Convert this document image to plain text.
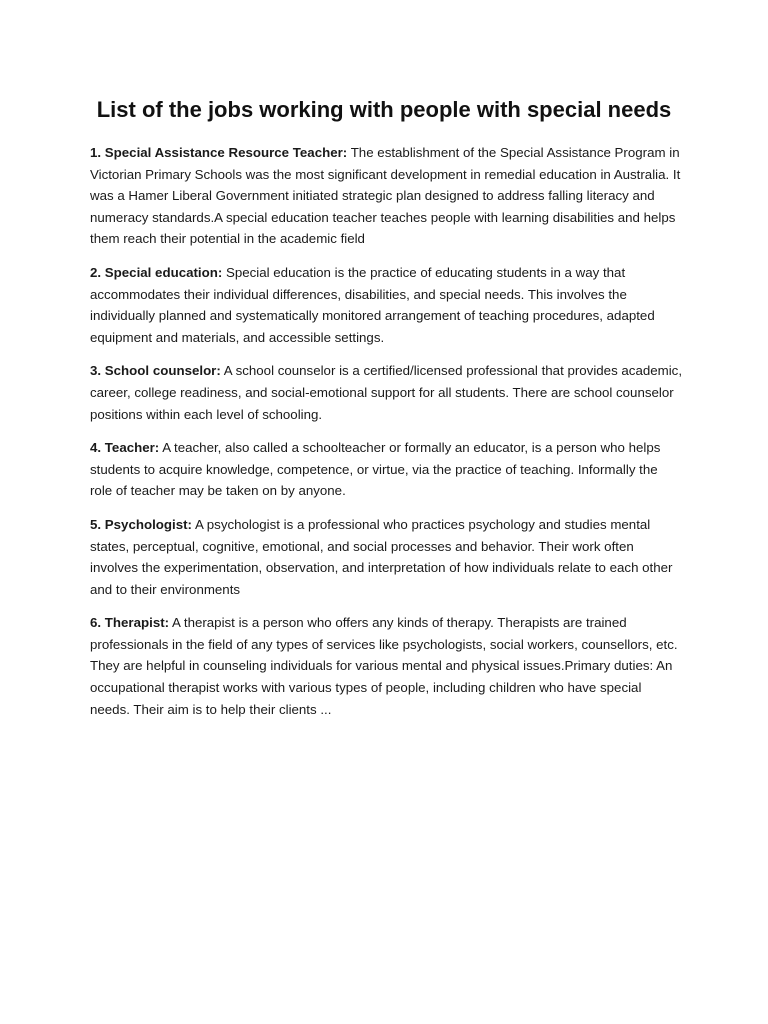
List of the jobs working with people with special needs

1. Special Assistance Resource Teacher: The establishment of the Special Assistance Program in Victorian Primary Schools was the most significant development in remedial education in Australia. It was a Hamer Liberal Government initiated strategic plan designed to address falling literacy and numeracy standards.A special education teacher teaches people with learning disabilities and helps them reach their potential in the academic field

2. Special education: Special education is the practice of educating students in a way that accommodates their individual differences, disabilities, and special needs. This involves the individually planned and systematically monitored arrangement of teaching procedures, adapted equipment and materials, and accessible settings.

3. School counselor: A school counselor is a certified/licensed professional that provides academic, career, college readiness, and social-emotional support for all students. There are school counselor positions within each level of schooling.

4. Teacher: A teacher, also called a schoolteacher or formally an educator, is a person who helps students to acquire knowledge, competence, or virtue, via the practice of teaching. Informally the role of teacher may be taken on by anyone.

5. Psychologist: A psychologist is a professional who practices psychology and studies mental states, perceptual, cognitive, emotional, and social processes and behavior. Their work often involves the experimentation, observation, and interpretation of how individuals relate to each other and to their environments

6. Therapist: A therapist is a person who offers any kinds of therapy. Therapists are trained professionals in the field of any types of services like psychologists, social workers, counsellors, etc. They are helpful in counseling individuals for various mental and physical issues.Primary duties: An occupational therapist works with various types of people, including children who have special needs. Their aim is to help their clients ...
